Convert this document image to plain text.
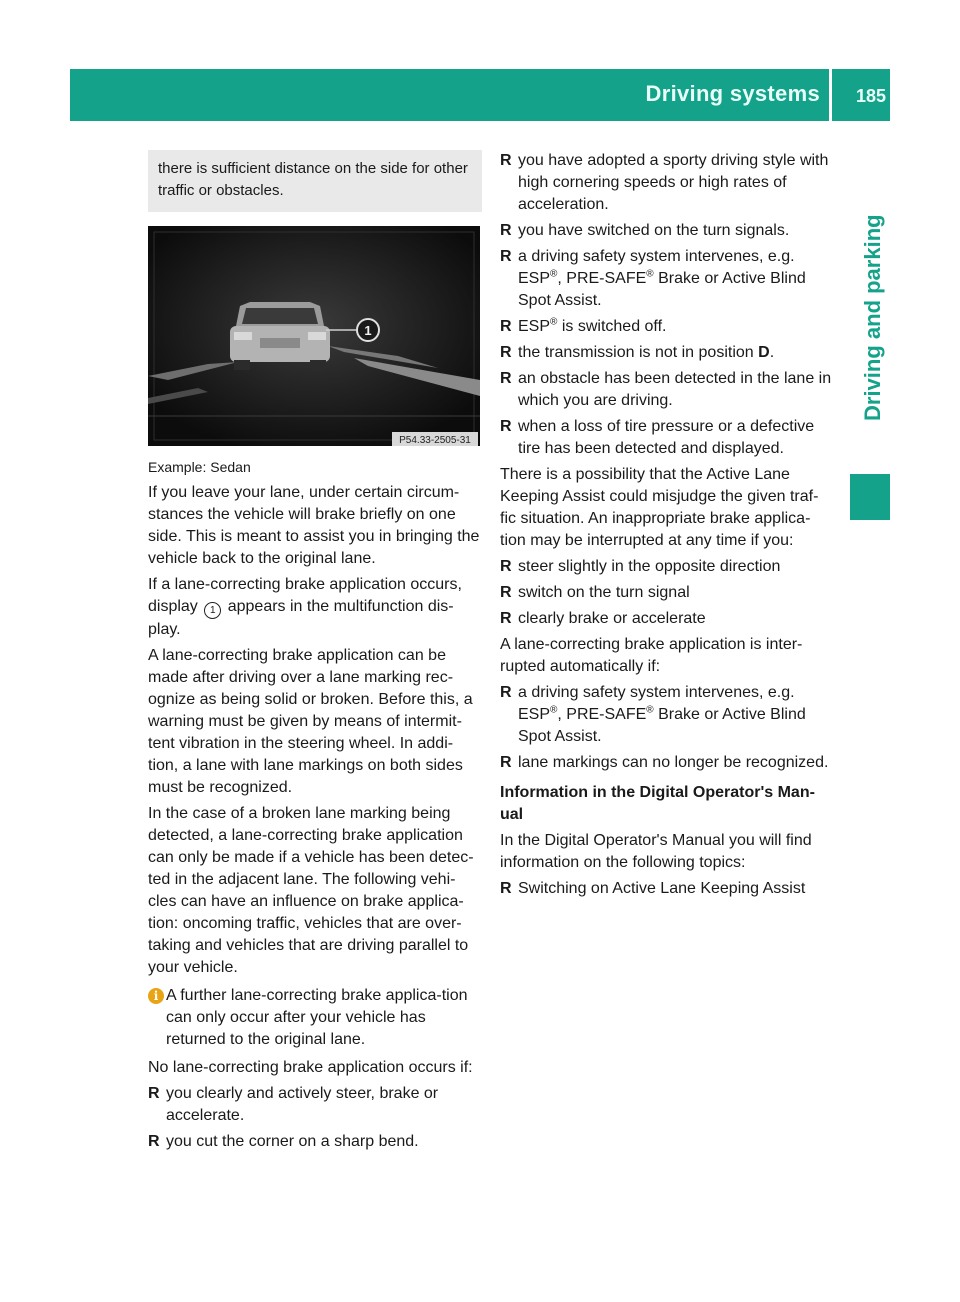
Driving systems 185
Driving and parking
there is sufficient distance on the side for other traffic or obstacles.
1
P54.33-2505-31
Example: Sedan

If you leave your lane, under certain circum-stances the vehicle will brake briefly on one side. This is meant to assist you in bringing the vehicle back to the original lane.

If a lane-correcting brake application occurs, display 1 appears in the multifunction dis-play.

A lane-correcting brake application can be made after driving over a lane marking rec-ognize as being solid or broken. Before this, a warning must be given by means of intermit-tent vibration in the steering wheel. In addi-tion, a lane with lane markings on both sides must be recognized.

In the case of a broken lane marking being detected, a lane-correcting brake application can only be made if a vehicle has been detec-ted in the adjacent lane. The following vehi-cles can have an influence on brake applica-tion: oncoming traffic, vehicles that are over-taking and vehicles that are driving parallel to your vehicle.

i A further lane-correcting brake applica-tion can only occur after your vehicle has returned to the original lane.

No lane-correcting brake application occurs if:

R you clearly and actively steer, brake or accelerate.
R you cut the corner on a sharp bend.
R you have adopted a sporty driving style with high cornering speeds or high rates of acceleration.
R you have switched on the turn signals.
R a driving safety system intervenes, e.g. ESP®, PRE-SAFE® Brake or Active Blind Spot Assist.
R ESP® is switched off.
R the transmission is not in position D.
R an obstacle has been detected in the lane in which you are driving.
R when a loss of tire pressure or a defective tire has been detected and displayed.

There is a possibility that the Active Lane Keeping Assist could misjudge the given traf-fic situation. An inappropriate brake applica-tion may be interrupted at any time if you:

R steer slightly in the opposite direction
R switch on the turn signal
R clearly brake or accelerate

A lane-correcting brake application is inter-rupted automatically if:

R a driving safety system intervenes, e.g. ESP®, PRE-SAFE® Brake or Active Blind Spot Assist.
R lane markings can no longer be recognized.
Information in the Digital Operator's Man-ual

In the Digital Operator's Manual you will find information on the following topics:

R Switching on Active Lane Keeping Assist
